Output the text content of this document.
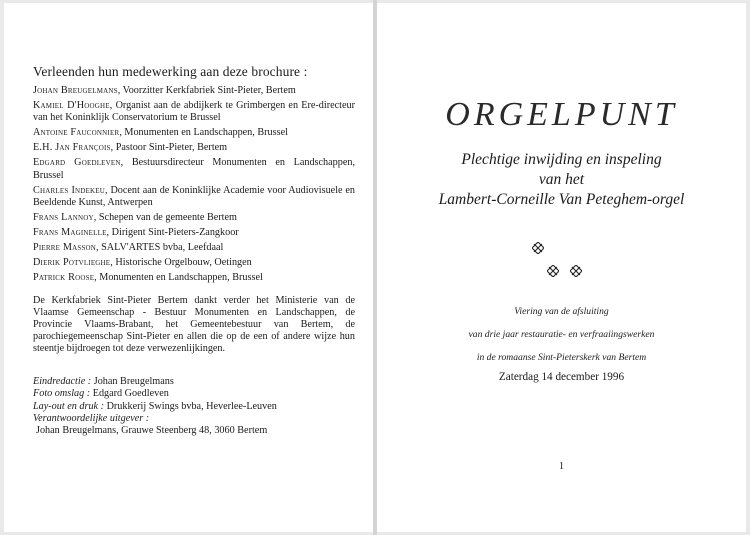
Verleenden hun medewerking aan deze brochure :

Johan Breugelmans, Voorzitter Kerkfabriek Sint-Pieter, Bertem

Kamiel D'Hooghe, Organist aan de abdijkerk te Grimbergen en Ere-directeur van het Koninklijk Conservatorium te Brussel

Antoine Fauconnier, Monumenten en Landschappen, Brussel

E.H. Jan François, Pastoor Sint-Pieter, Bertem

Edgard Goedleven, Bestuursdirecteur Monumenten en Landschappen, Brussel

Charles Indekeu, Docent aan de Koninklijke Academie voor Audiovisuele en Beeldende Kunst, Antwerpen

Frans Lannoy, Schepen van de gemeente Bertem

Frans Maginelle, Dirigent Sint-Pieters-Zangkoor

Pierre Masson, SALV'ARTES bvba, Leefdaal

Dierik Potvlieghe, Historische Orgelbouw, Oetingen

Patrick Roose, Monumenten en Landschappen, Brussel

De Kerkfabriek Sint-Pieter Bertem dankt verder het Ministerie van de Vlaamse Gemeenschap - Bestuur Monumenten en Landschappen, de Provincie Vlaams-Brabant, het Gemeentebestuur van Bertem, de parochiegemeenschap Sint-Pieter en allen die op de een of andere wijze hun steentje bijdroegen tot deze verwezenlijkingen.

Eindredactie : Johan Breugelmans

Foto omslag : Edgard Goedleven

Lay-out en druk : Drukkerij Swings bvba, Heverlee-Leuven

Verantwoordelijke uitgever :

Johan Breugelmans, Grauwe Steenberg 48, 3060 Bertem

ORGELPUNT
Plechtige inwijding en inspeling
van het
Lambert-Corneille Van Peteghem-orgel
Viering van de afsluiting
van drie jaar restauratie- en verfraaiingswerken
in de romaanse Sint-Pieterskerk van Bertem
Zaterdag 14 december 1996
1
